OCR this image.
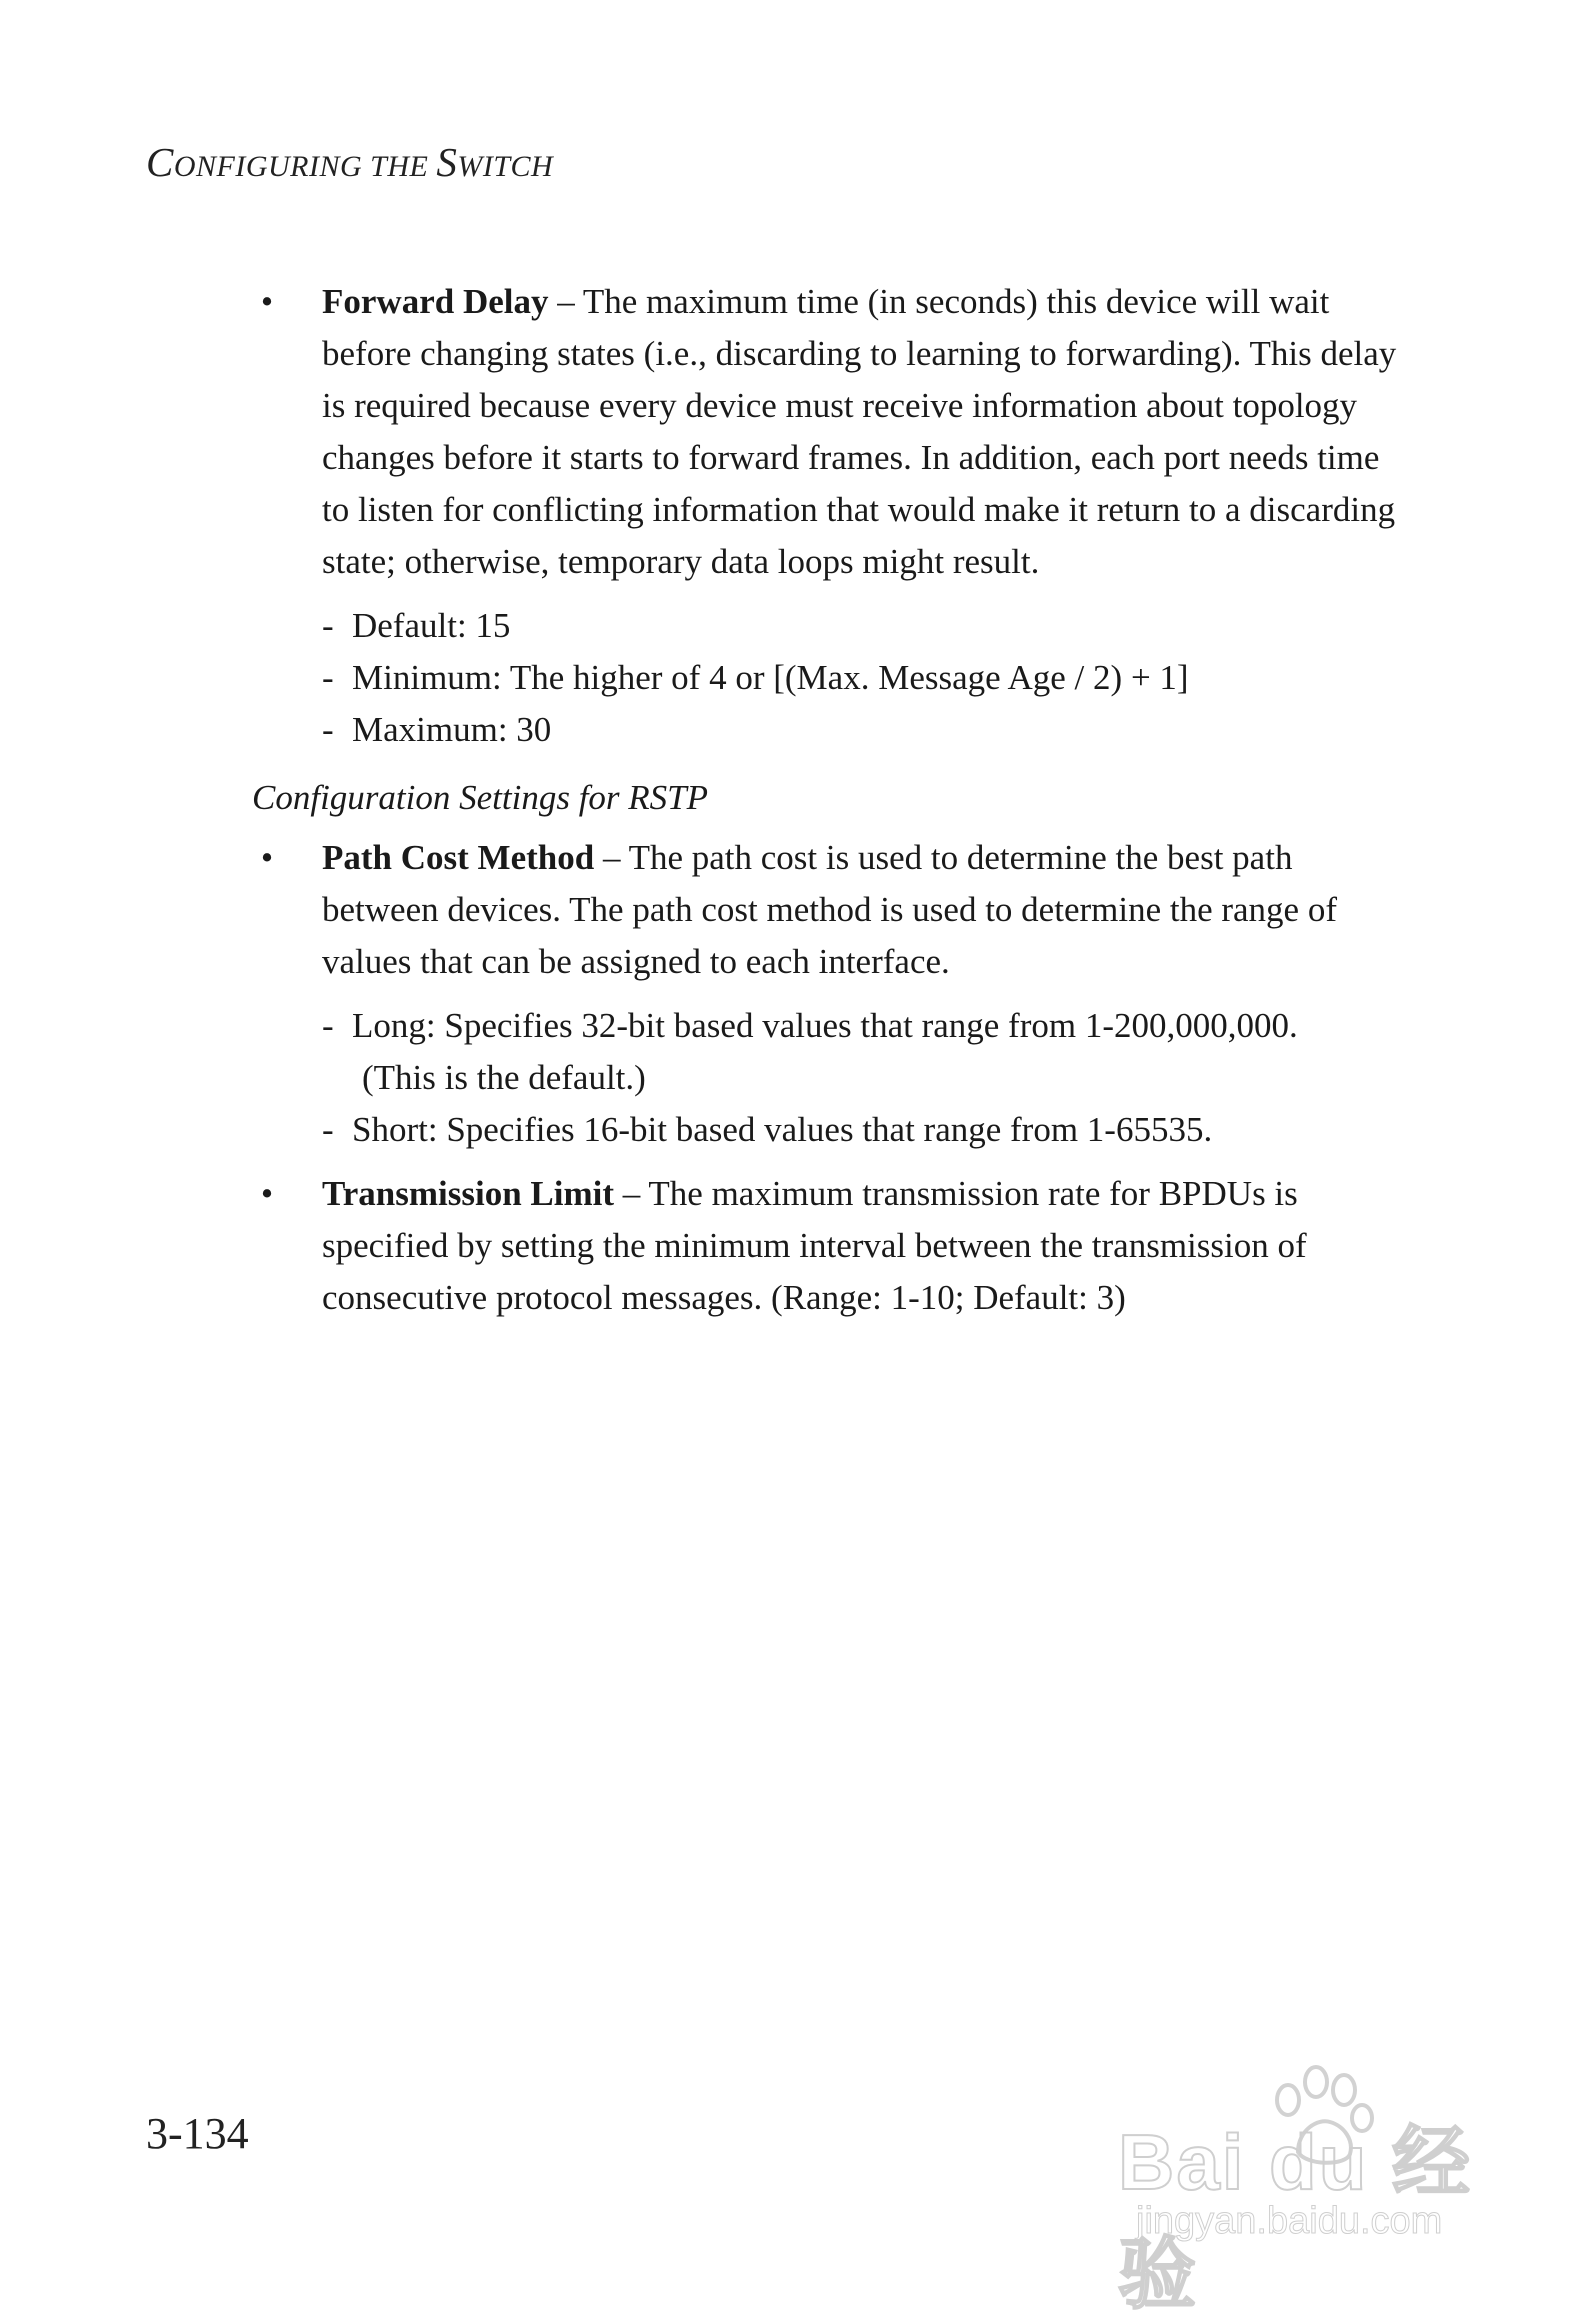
CONFIGURING THE SWITCH
• Forward Delay – The maximum time (in seconds) this device will wait before changing states (i.e., discarding to learning to forwarding). This delay is required because every device must receive information about topology changes before it starts to forward frames. In addition, each port needs time to listen for conflicting information that would make it return to a discarding state; otherwise, temporary data loops might result.
- Default: 15
- Minimum: The higher of 4 or [(Max. Message Age / 2) + 1]
- Maximum: 30
Configuration Settings for RSTP
• Path Cost Method – The path cost is used to determine the best path between devices. The path cost method is used to determine the range of values that can be assigned to each interface.
- Long: Specifies 32-bit based values that range from 1-200,000,000.
(This is the default.)
- Short: Specifies 16-bit based values that range from 1-65535.
• Transmission Limit – The maximum transmission rate for BPDUs is specified by setting the minimum interval between the transmission of consecutive protocol messages. (Range: 1-10; Default: 3)
3-134	Bai du 经验
jingyan.baidu.com
